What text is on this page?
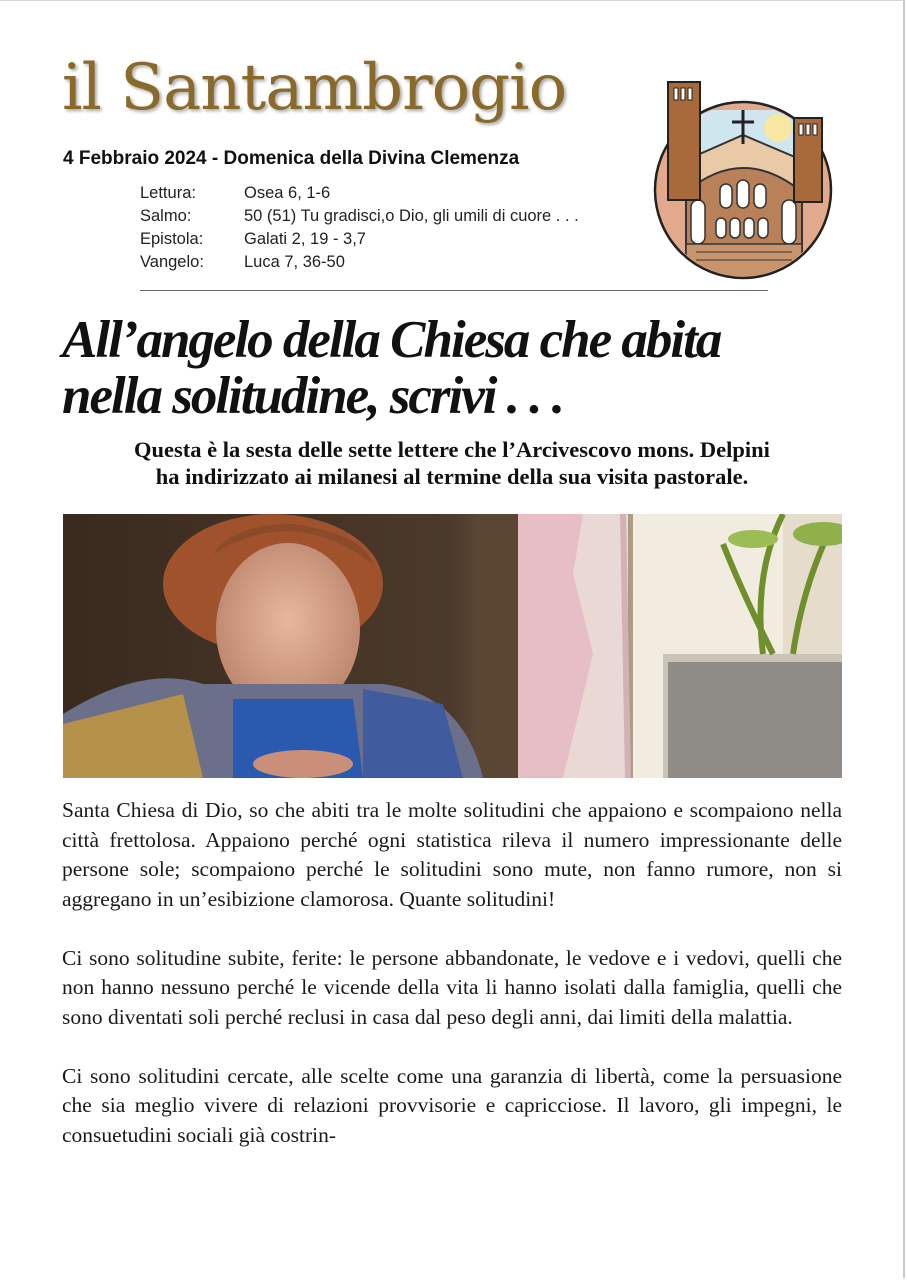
il Santambrogio
4 Febbraio 2024 - Domenica della Divina Clemenza
Lettura:	Osea 6, 1-6
Salmo:	50 (51) Tu gradisci,o Dio, gli umili di cuore . . .
Epistola:	Galati 2, 19 - 3,7
Vangelo:	Luca 7, 36-50
All’angelo della Chiesa che abita
nella solitudine, scrivi . . .
Questa è la sesta delle sette lettere che l’Arcivescovo mons. Delpini
ha indirizzato ai milanesi al termine della sua visita pastorale.

Santa Chiesa di Dio, so che abiti tra le molte solitudini che appaiono e scompaiono nella città frettolosa. Appaiono perché ogni statistica rileva il numero impressionante delle persone sole; scompaiono perché le solitudini sono mute, non fanno rumore, non si aggregano in un’esibizione clamorosa. Quante solitudini!

Ci sono solitudine subite, ferite: le persone abbandonate, le vedove e i vedovi, quelli che non hanno nessuno perché le vicende della vita li hanno isolati dalla famiglia, quelli che sono diventati soli perché reclusi in casa dal peso degli anni, dai limiti della malattia.

Ci sono solitudini cercate, alle scelte come una garanzia di libertà, come la persuasione che sia meglio vivere di relazioni provvisorie e capricciose. Il lavoro, gli impegni, le consuetudini sociali già costrin-
